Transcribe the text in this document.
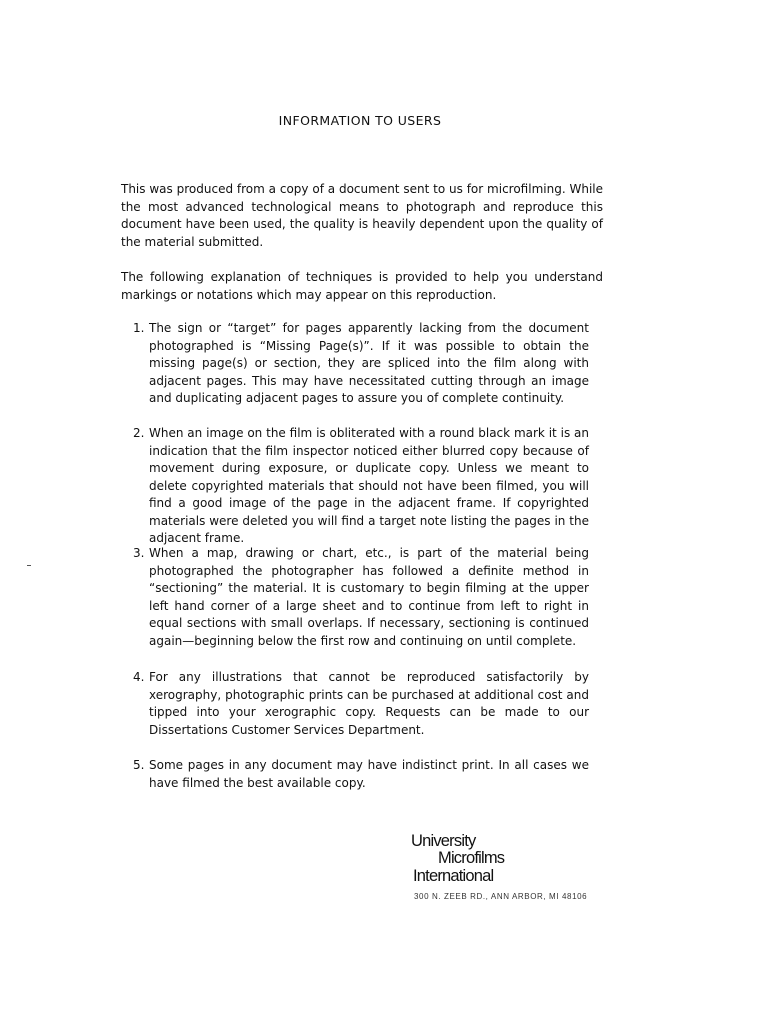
INFORMATION TO USERS

This was produced from a copy of a document sent to us for microfilming. While the most advanced technological means to photograph and reproduce this document have been used, the quality is heavily dependent upon the quality of the material submitted.

The following explanation of techniques is provided to help you understand markings or notations which may appear on this reproduction.

1. The sign or “target” for pages apparently lacking from the document photographed is “Missing Page(s)”. If it was possible to obtain the missing page(s) or section, they are spliced into the film along with adjacent pages. This may have necessitated cutting through an image and duplicating adjacent pages to assure you of complete continuity.
2. When an image on the film is obliterated with a round black mark it is an indication that the film inspector noticed either blurred copy because of movement during exposure, or duplicate copy. Unless we meant to delete copyrighted materials that should not have been filmed, you will find a good image of the page in the adjacent frame. If copyrighted materials were deleted you will find a target note listing the pages in the adjacent frame.
3. When a map, drawing or chart, etc., is part of the material being photographed the photographer has followed a definite method in “sectioning” the material. It is customary to begin filming at the upper left hand corner of a large sheet and to continue from left to right in equal sections with small overlaps. If necessary, sectioning is continued again—beginning below the first row and continuing on until complete.
4. For any illustrations that cannot be reproduced satisfactorily by xerography, photographic prints can be purchased at additional cost and tipped into your xerographic copy. Requests can be made to our Dissertations Customer Services Department.
5. Some pages in any document may have indistinct print. In all cases we have filmed the best available copy.
University
Microfilms
International
300 N. ZEEB RD., ANN ARBOR, MI 48106
